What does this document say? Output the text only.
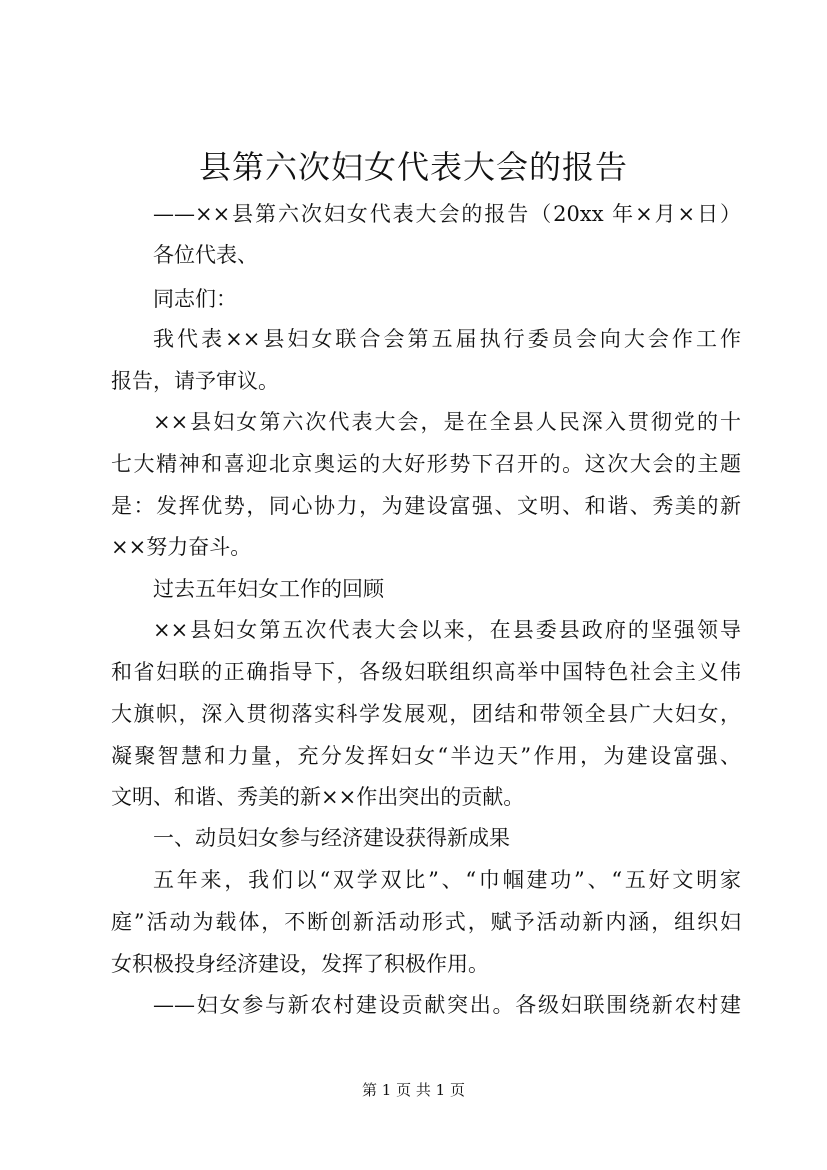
县第六次妇女代表大会的报告
——××县第六次妇女代表大会的报告（20xx 年×月×日）
各位代表、
同志们：
我代表××县妇女联合会第五届执行委员会向大会作工作
报告，请予审议。
××县妇女第六次代表大会，是在全县人民深入贯彻党的十
七大精神和喜迎北京奥运的大好形势下召开的。这次大会的主题
是：发挥优势，同心协力，为建设富强、文明、和谐、秀美的新
××努力奋斗。
过去五年妇女工作的回顾
××县妇女第五次代表大会以来，在县委县政府的坚强领导
和省妇联的正确指导下，各级妇联组织高举中国特色社会主义伟
大旗帜，深入贯彻落实科学发展观，团结和带领全县广大妇女，
凝聚智慧和力量，充分发挥妇女“半边天”作用，为建设富强、
文明、和谐、秀美的新××作出突出的贡献。
一、动员妇女参与经济建设获得新成果
五年来，我们以“双学双比”、“巾帼建功”、“五好文明家
庭”活动为载体，不断创新活动形式，赋予活动新内涵，组织妇
女积极投身经济建设，发挥了积极作用。
——妇女参与新农村建设贡献突出。各级妇联围绕新农村建
第 1 页 共 1 页
